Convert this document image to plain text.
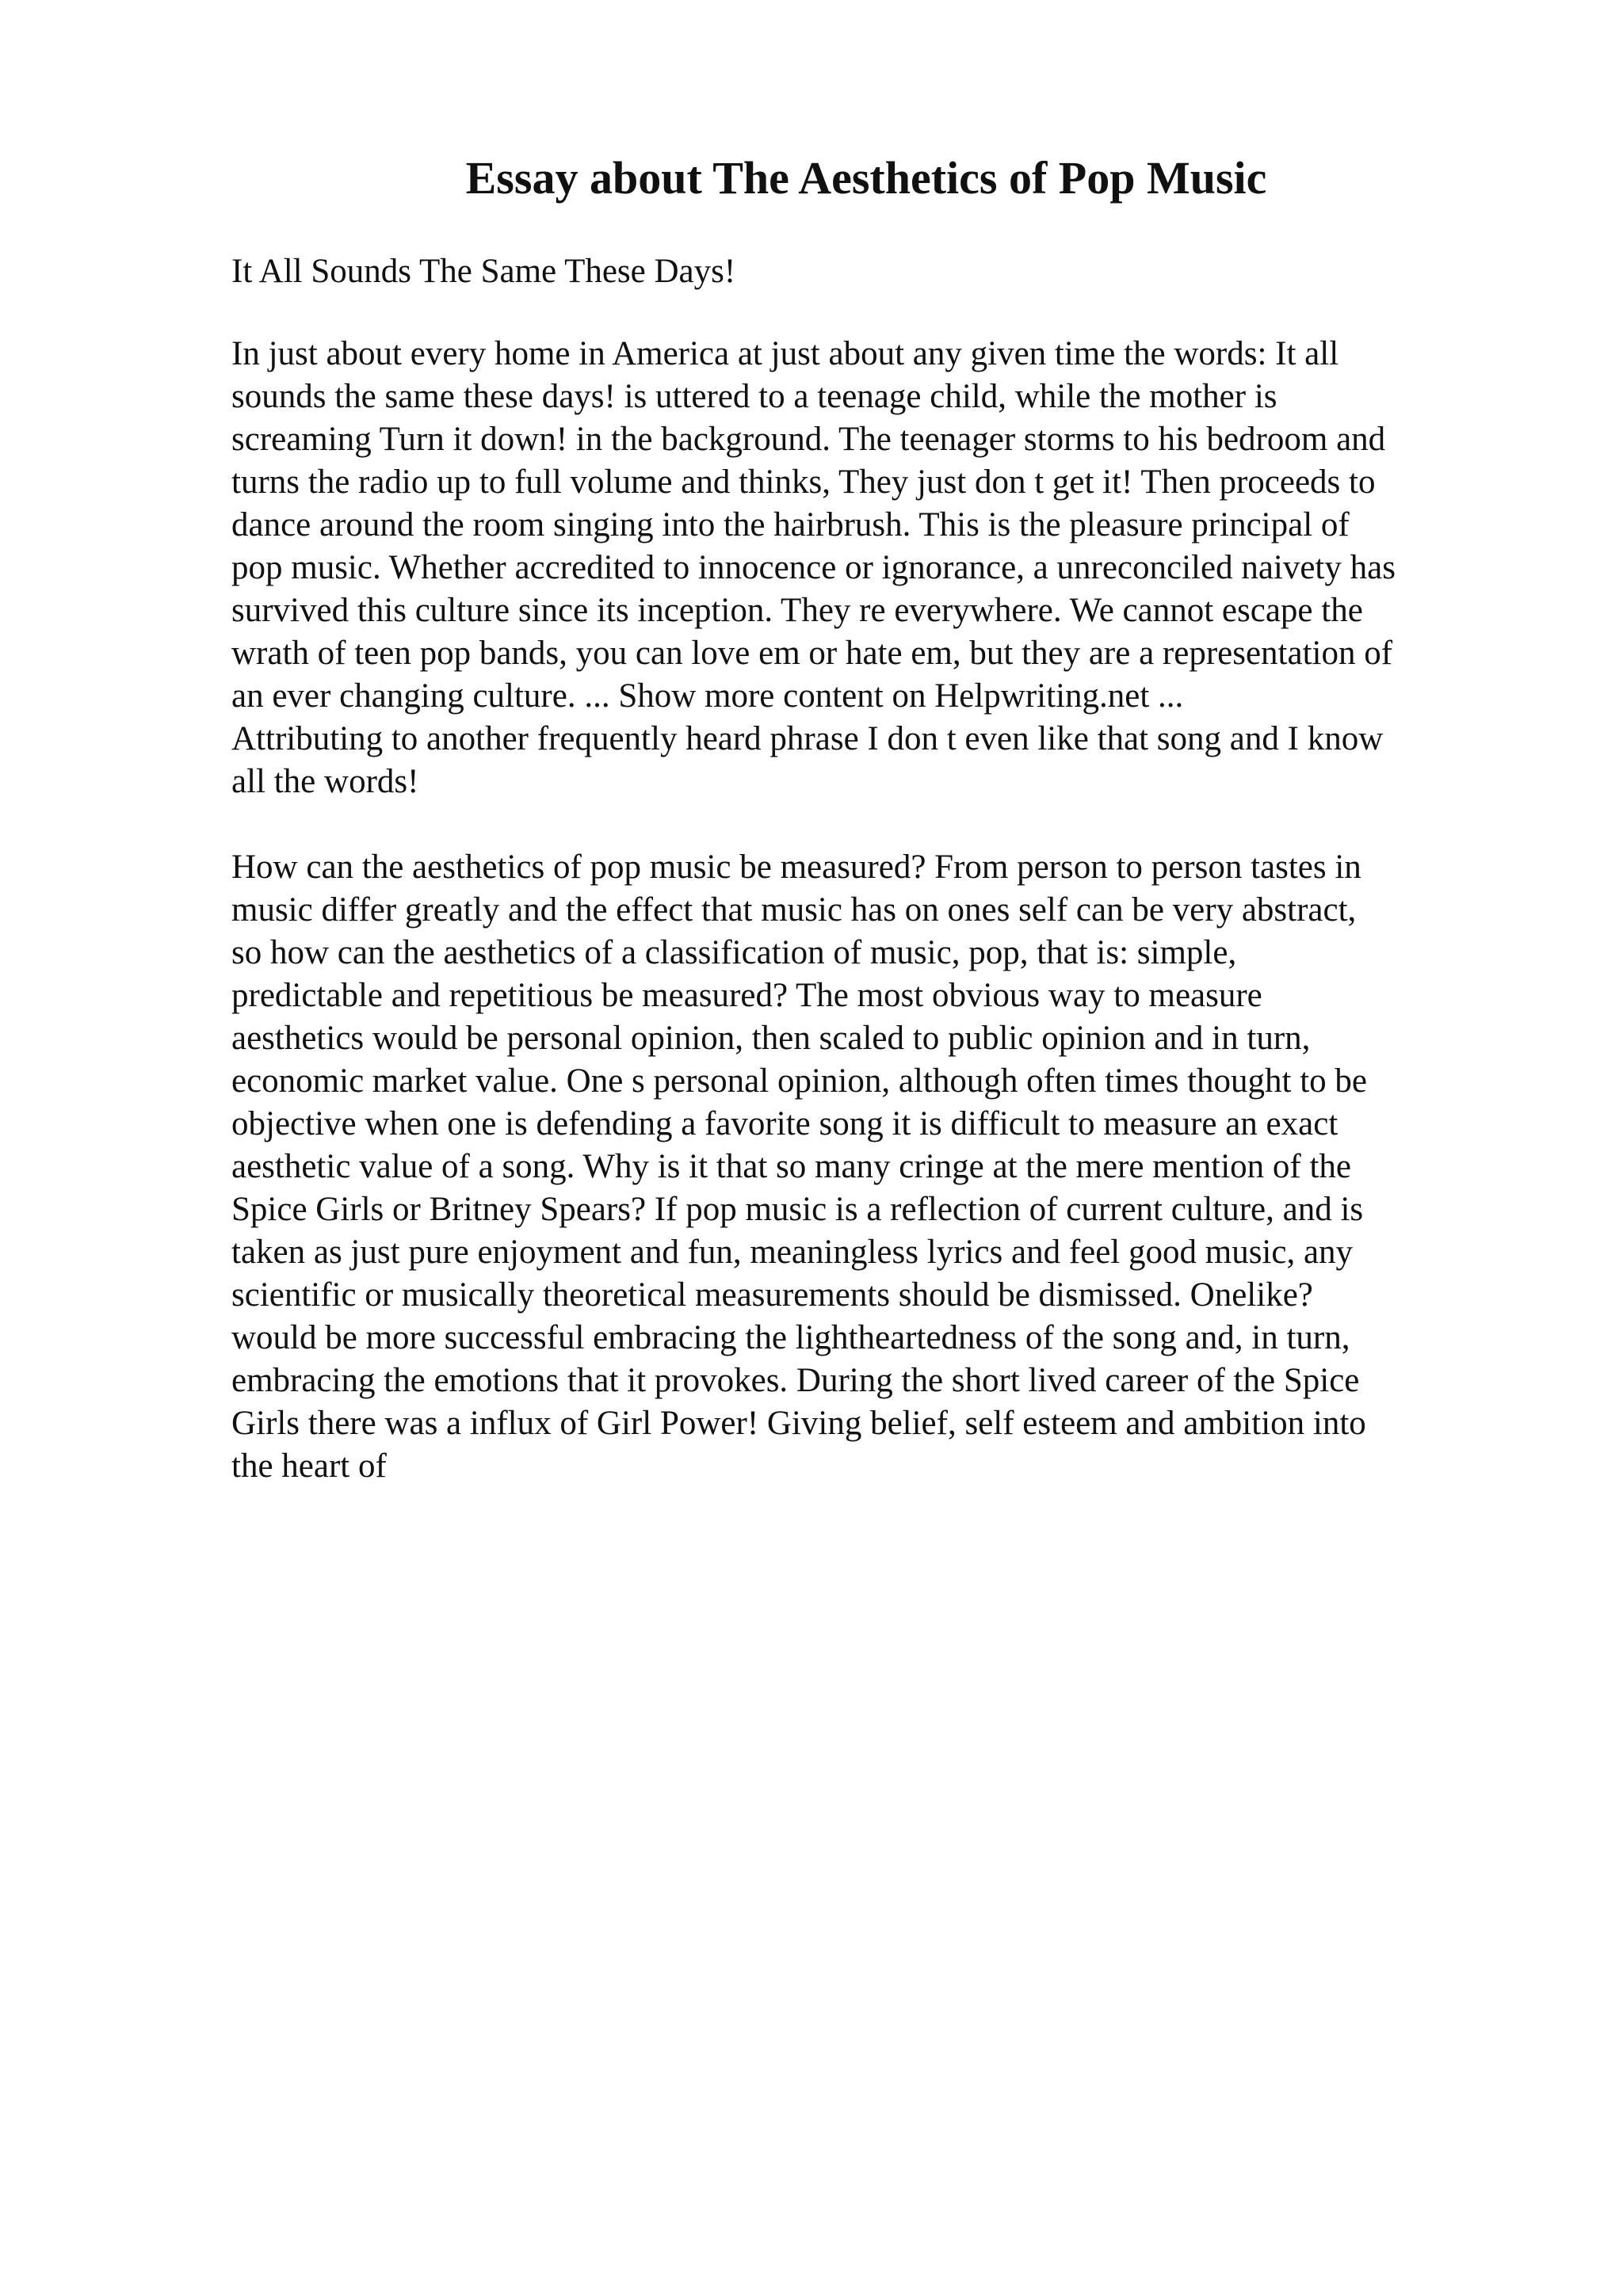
Essay about The Aesthetics of Pop Music

It All Sounds The Same These Days!

In just about every home in America at just about any given time the words: It all

sounds the same these days! is uttered to a teenage child, while the mother is

screaming Turn it down! in the background. The teenager storms to his bedroom and

turns the radio up to full volume and thinks, They just don t get it! Then proceeds to

dance around the room singing into the hairbrush. This is the pleasure principal of

pop music. Whether accredited to innocence or ignorance, a unreconciled naivety has

survived this culture since its inception. They re everywhere. We cannot escape the

wrath of teen pop bands, you can love em or hate em, but they are a representation of

an ever changing culture. ... Show more content on Helpwriting.net ...

Attributing to another frequently heard phrase I don t even like that song and I know

all the words!

How can the aesthetics of pop music be measured? From person to person tastes in

music differ greatly and the effect that music has on ones self can be very abstract,

so how can the aesthetics of a classification of music, pop, that is: simple,

predictable and repetitious be measured? The most obvious way to measure

aesthetics would be personal opinion, then scaled to public opinion and in turn,

economic market value. One s personal opinion, although often times thought to be

objective when one is defending a favorite song it is difficult to measure an exact

aesthetic value of a song. Why is it that so many cringe at the mere mention of the

Spice Girls or Britney Spears? If pop music is a reflection of current culture, and is

taken as just pure enjoyment and fun, meaningless lyrics and feel good music, any

scientific or musically theoretical measurements should be dismissed. Onelike?

would be more successful embracing the lightheartedness of the song and, in turn,

embracing the emotions that it provokes. During the short lived career of the Spice

Girls there was a influx of Girl Power! Giving belief, self esteem and ambition into

the heart of
